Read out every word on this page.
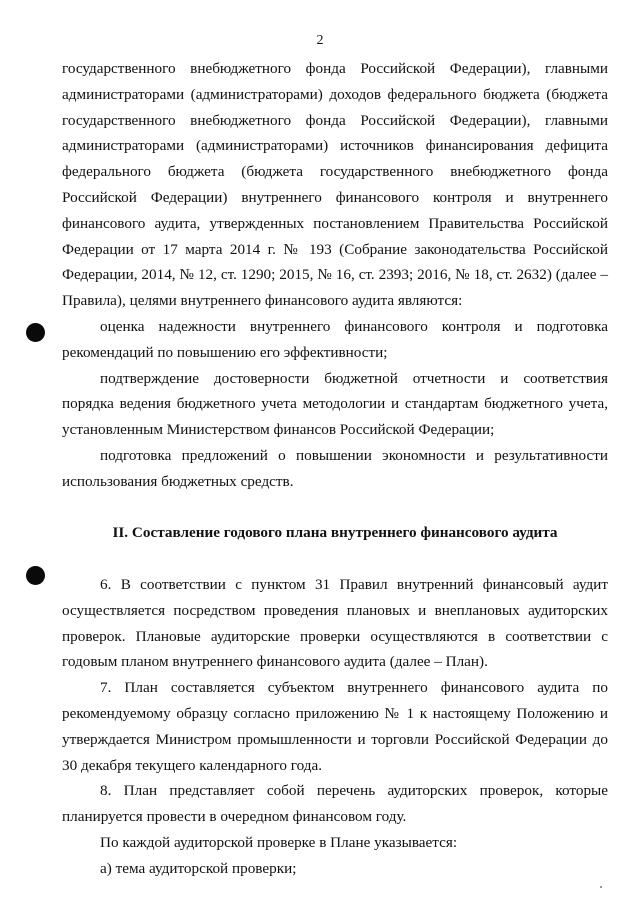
2

государственного внебюджетного фонда Российской Федерации), главными администраторами (администраторами) доходов федерального бюджета (бюджета государственного внебюджетного фонда Российской Федерации), главными администраторами (администраторами) источников финансирования дефицита федерального бюджета (бюджета государственного внебюджетного фонда Российской Федерации) внутреннего финансового контроля и внутреннего финансового аудита, утвержденных постановлением Правительства Российской Федерации от 17 марта 2014 г. № 193 (Собрание законодательства Российской Федерации, 2014, № 12, ст. 1290; 2015, № 16, ст. 2393; 2016, № 18, ст. 2632) (далее – Правила), целями внутреннего финансового аудита являются:

оценка надежности внутреннего финансового контроля и подготовка рекомендаций по повышению его эффективности;

подтверждение достоверности бюджетной отчетности и соответствия порядка ведения бюджетного учета методологии и стандартам бюджетного учета, установленным Министерством финансов Российской Федерации;

подготовка предложений о повышении экономности и результативности использования бюджетных средств.

II. Составление годового плана внутреннего финансового аудита

6. В соответствии с пунктом 31 Правил внутренний финансовый аудит осуществляется посредством проведения плановых и внеплановых аудиторских проверок. Плановые аудиторские проверки осуществляются в соответствии с годовым планом внутреннего финансового аудита (далее – План).

7. План составляется субъектом внутреннего финансового аудита по рекомендуемому образцу согласно приложению № 1 к настоящему Положению и утверждается Министром промышленности и торговли Российской Федерации до 30 декабря текущего календарного года.

8. План представляет собой перечень аудиторских проверок, которые планируется провести в очередном финансовом году.

По каждой аудиторской проверке в Плане указывается:

а) тема аудиторской проверки;
